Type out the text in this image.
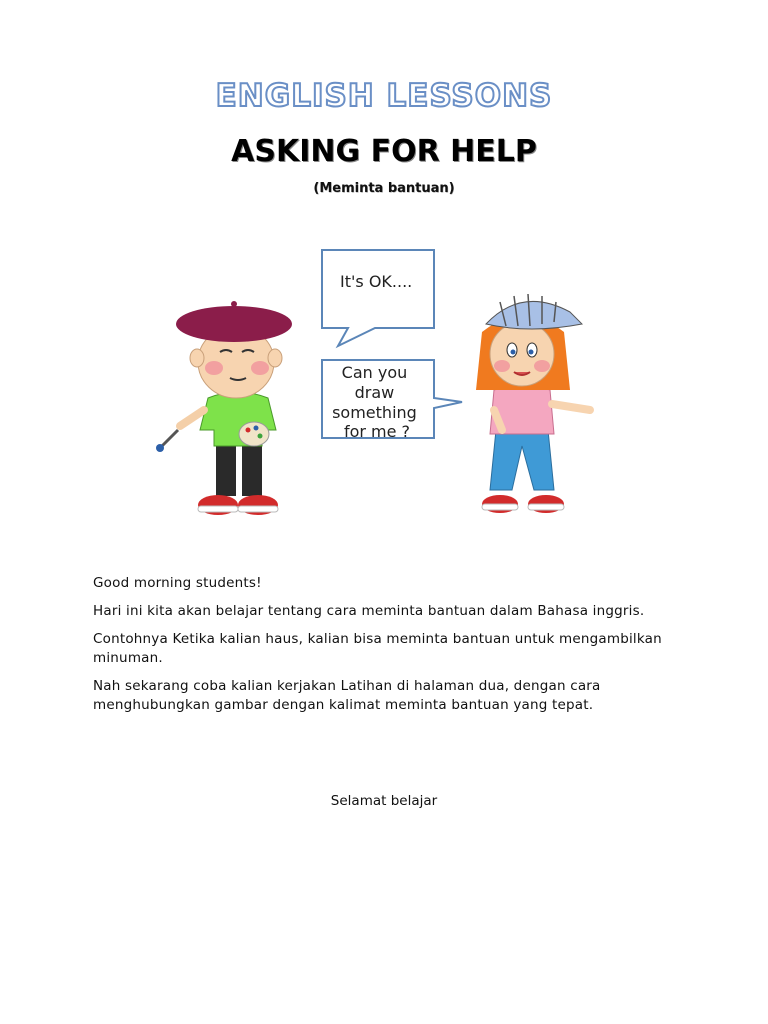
ENGLISH LESSONS
ASKING FOR HELP
(Meminta bantuan)
It's OK....
Can you draw something for me ?

Good morning students!

Hari ini kita akan belajar tentang cara meminta bantuan dalam Bahasa inggris.

Contohnya Ketika kalian haus, kalian bisa meminta bantuan untuk mengambilkan minuman.

Nah sekarang coba kalian kerjakan Latihan di halaman dua, dengan cara menghubungkan gambar dengan kalimat meminta bantuan yang tepat.

Selamat belajar
